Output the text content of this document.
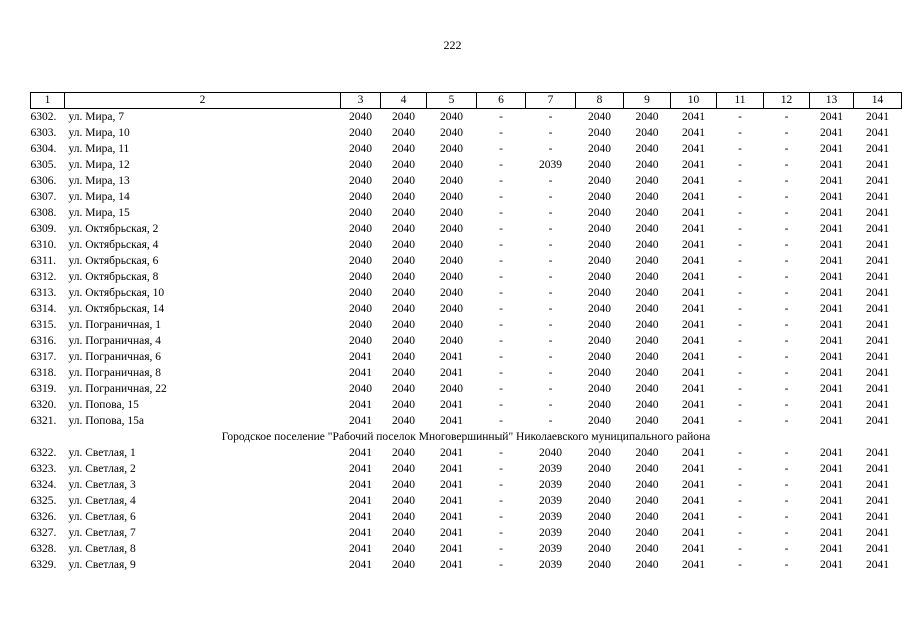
222
1	2	3	4	5	6	7	8	9	10	11	12	13	14
6302.	ул. Мира, 7	2040	2040	2040	-	-	2040	2040	2041	-	-	2041	2041
6303.	ул. Мира, 10	2040	2040	2040	-	-	2040	2040	2041	-	-	2041	2041
6304.	ул. Мира, 11	2040	2040	2040	-	-	2040	2040	2041	-	-	2041	2041
6305.	ул. Мира, 12	2040	2040	2040	-	2039	2040	2040	2041	-	-	2041	2041
6306.	ул. Мира, 13	2040	2040	2040	-	-	2040	2040	2041	-	-	2041	2041
6307.	ул. Мира, 14	2040	2040	2040	-	-	2040	2040	2041	-	-	2041	2041
6308.	ул. Мира, 15	2040	2040	2040	-	-	2040	2040	2041	-	-	2041	2041
6309.	ул. Октябрьская, 2	2040	2040	2040	-	-	2040	2040	2041	-	-	2041	2041
6310.	ул. Октябрьская, 4	2040	2040	2040	-	-	2040	2040	2041	-	-	2041	2041
6311.	ул. Октябрьская, 6	2040	2040	2040	-	-	2040	2040	2041	-	-	2041	2041
6312.	ул. Октябрьская, 8	2040	2040	2040	-	-	2040	2040	2041	-	-	2041	2041
6313.	ул. Октябрьская, 10	2040	2040	2040	-	-	2040	2040	2041	-	-	2041	2041
6314.	ул. Октябрьская, 14	2040	2040	2040	-	-	2040	2040	2041	-	-	2041	2041
6315.	ул. Пограничная, 1	2040	2040	2040	-	-	2040	2040	2041	-	-	2041	2041
6316.	ул. Пограничная, 4	2040	2040	2040	-	-	2040	2040	2041	-	-	2041	2041
6317.	ул. Пограничная, 6	2041	2040	2041	-	-	2040	2040	2041	-	-	2041	2041
6318.	ул. Пограничная, 8	2041	2040	2041	-	-	2040	2040	2041	-	-	2041	2041
6319.	ул. Пограничная, 22	2040	2040	2040	-	-	2040	2040	2041	-	-	2041	2041
6320.	ул. Попова, 15	2041	2040	2041	-	-	2040	2040	2041	-	-	2041	2041
6321.	ул. Попова, 15а	2041	2040	2041	-	-	2040	2040	2041	-	-	2041	2041
Городское поселение "Рабочий поселок Многовершинный" Николаевского муниципального района													
6322.	ул. Светлая, 1	2041	2040	2041	-	2040	2040	2040	2041	-	-	2041	2041
6323.	ул. Светлая, 2	2041	2040	2041	-	2039	2040	2040	2041	-	-	2041	2041
6324.	ул. Светлая, 3	2041	2040	2041	-	2039	2040	2040	2041	-	-	2041	2041
6325.	ул. Светлая, 4	2041	2040	2041	-	2039	2040	2040	2041	-	-	2041	2041
6326.	ул. Светлая, 6	2041	2040	2041	-	2039	2040	2040	2041	-	-	2041	2041
6327.	ул. Светлая, 7	2041	2040	2041	-	2039	2040	2040	2041	-	-	2041	2041
6328.	ул. Светлая, 8	2041	2040	2041	-	2039	2040	2040	2041	-	-	2041	2041
6329.	ул. Светлая, 9	2041	2040	2041	-	2039	2040	2040	2041	-	-	2041	2041
